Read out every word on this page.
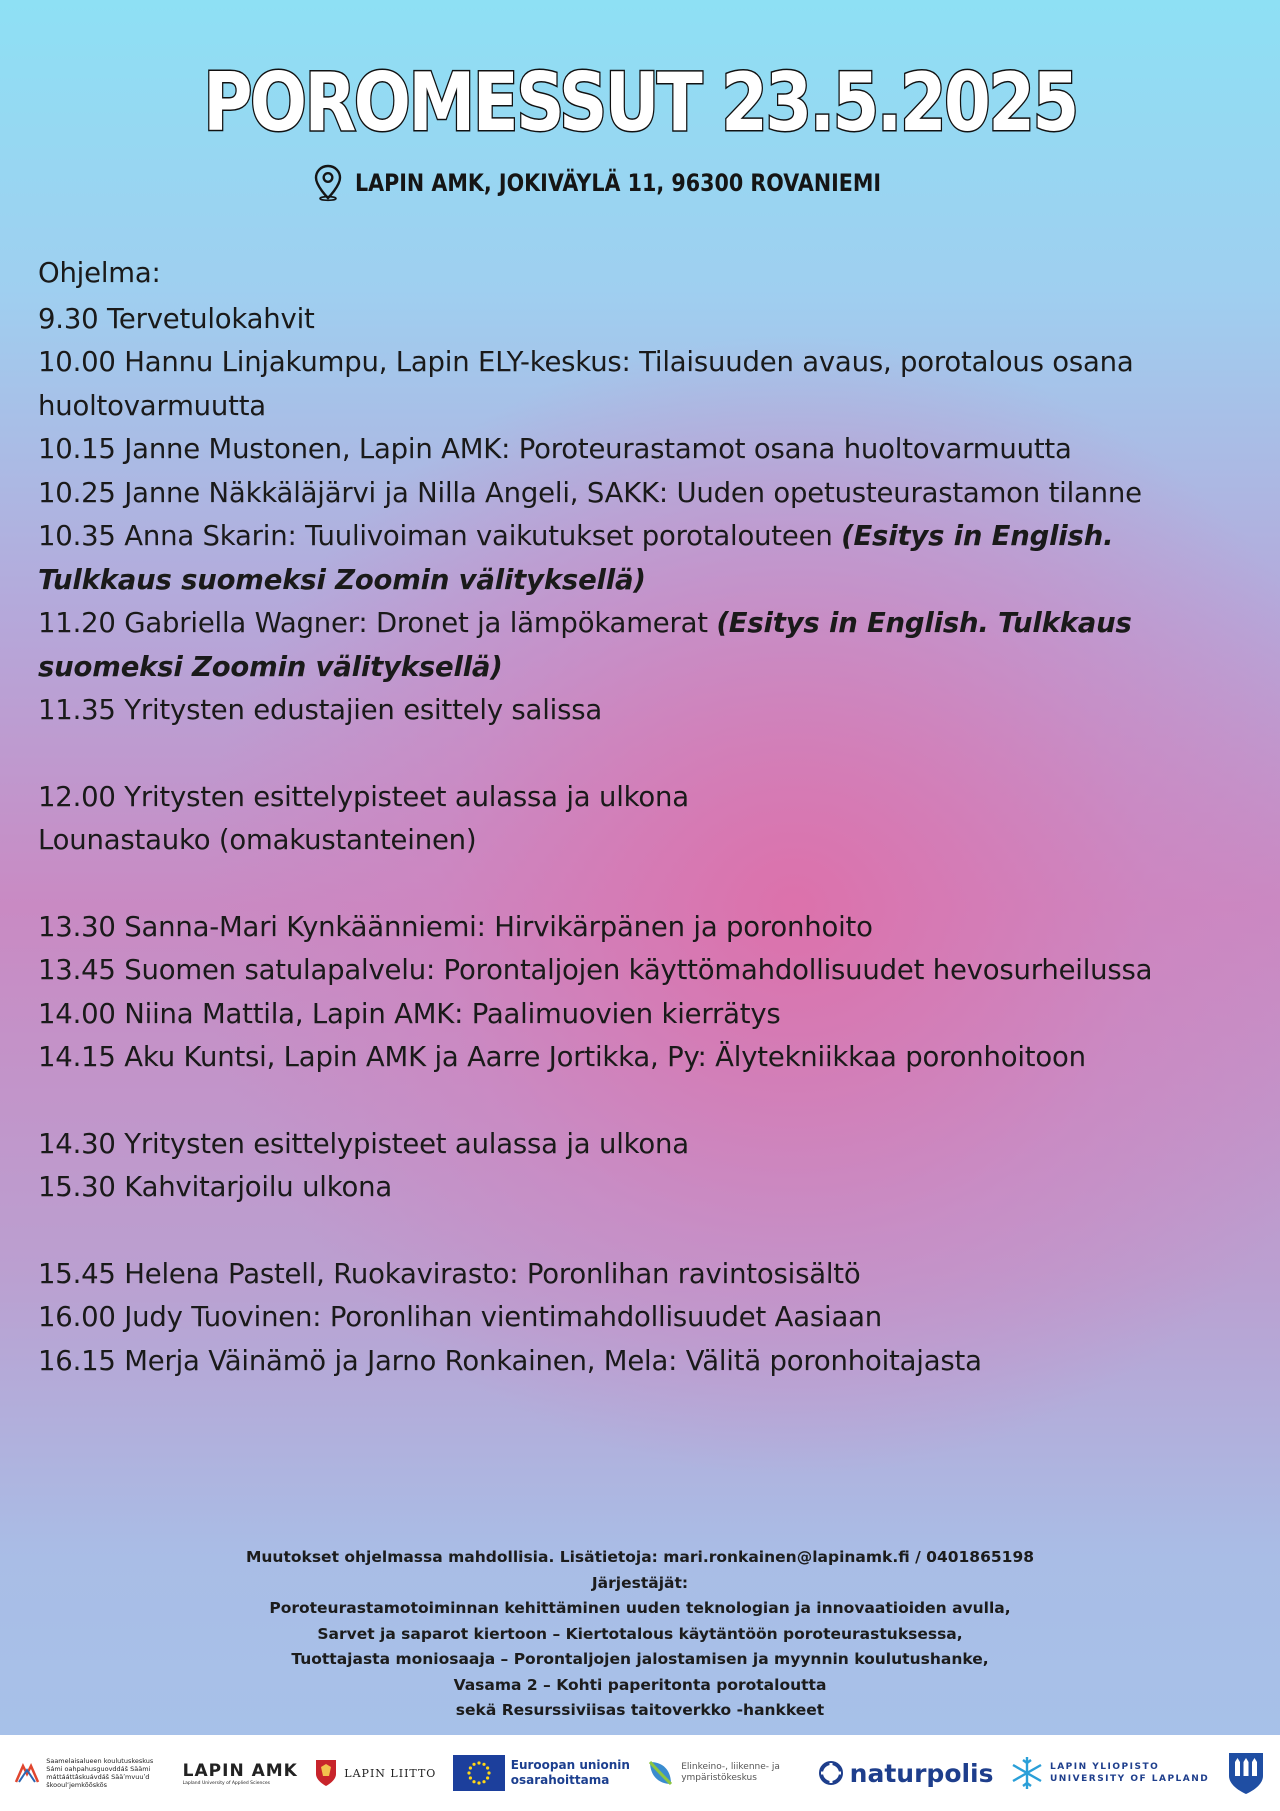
POROMESSUT 23.5.2025
LAPIN AMK, JOKIVÄYLÄ 11, 96300 ROVANIEMI

Ohjelma:

9.30 Tervetulokahvit

10.00 Hannu Linjakumpu, Lapin ELY-keskus: Tilaisuuden avaus, porotalous osana huoltovarmuutta

10.15 Janne Mustonen, Lapin AMK: Poroteurastamot osana huoltovarmuutta

10.25 Janne Näkkäläjärvi ja Nilla Angeli, SAKK: Uuden opetusteurastamon tilanne

10.35 Anna Skarin: Tuulivoiman vaikutukset porotalouteen (Esitys in English. Tulkkaus suomeksi Zoomin välityksellä)

11.20 Gabriella Wagner: Dronet ja lämpökamerat (Esitys in English. Tulkkaus suomeksi Zoomin välityksellä)

11.35 Yritysten edustajien esittely salissa

12.00 Yritysten esittelypisteet aulassa ja ulkona

Lounastauko (omakustanteinen)

13.30 Sanna-Mari Kynkäänniemi: Hirvikärpänen ja poronhoito

13.45 Suomen satulapalvelu: Porontaljojen käyttömahdollisuudet hevosurheilussa

14.00 Niina Mattila, Lapin AMK: Paalimuovien kierrätys

14.15 Aku Kuntsi, Lapin AMK ja Aarre Jortikka, Py: Älytekniikkaa poronhoitoon

14.30 Yritysten esittelypisteet aulassa ja ulkona

15.30 Kahvitarjoilu ulkona

15.45 Helena Pastell, Ruokavirasto: Poronlihan ravintosisältö

16.00 Judy Tuovinen: Poronlihan vientimahdollisuudet Aasiaan

16.15 Merja Väinämö ja Jarno Ronkainen, Mela: Välitä poronhoitajasta

Muutokset ohjelmassa mahdollisia. Lisätietoja: mari.ronkainen@lapinamk.fi / 0401865198
Järjestäjät:
Poroteurastamotoiminnan kehittäminen uuden teknologian ja innovaatioiden avulla,
Sarvet ja saparot kiertoon – Kiertotalous käytäntöön poroteurastuksessa,
Tuottajasta moniosaaja – Porontaljojen jalostamisen ja myynnin koulutushanke,
Vasama 2 – Kohti paperitonta porotaloutta
sekä Resurssiviisas taitoverkko -hankkeet
Saamelaisalueen koulutuskeskus Sámi oahpahusguovddáš Säämi máttááttâskuávdáš Sääʹmvuuʹd škooulʼjemkõõskõs
LAPIN AMK
Lapland University of Applied Sciences
LAPIN LIITTO
Euroopan unionin osarahoittama
Elinkeino-, liikenne- ja ympäristökeskus	naturpolis	LAPIN YLIOPISTO
UNIVERSITY OF LAPLAND
